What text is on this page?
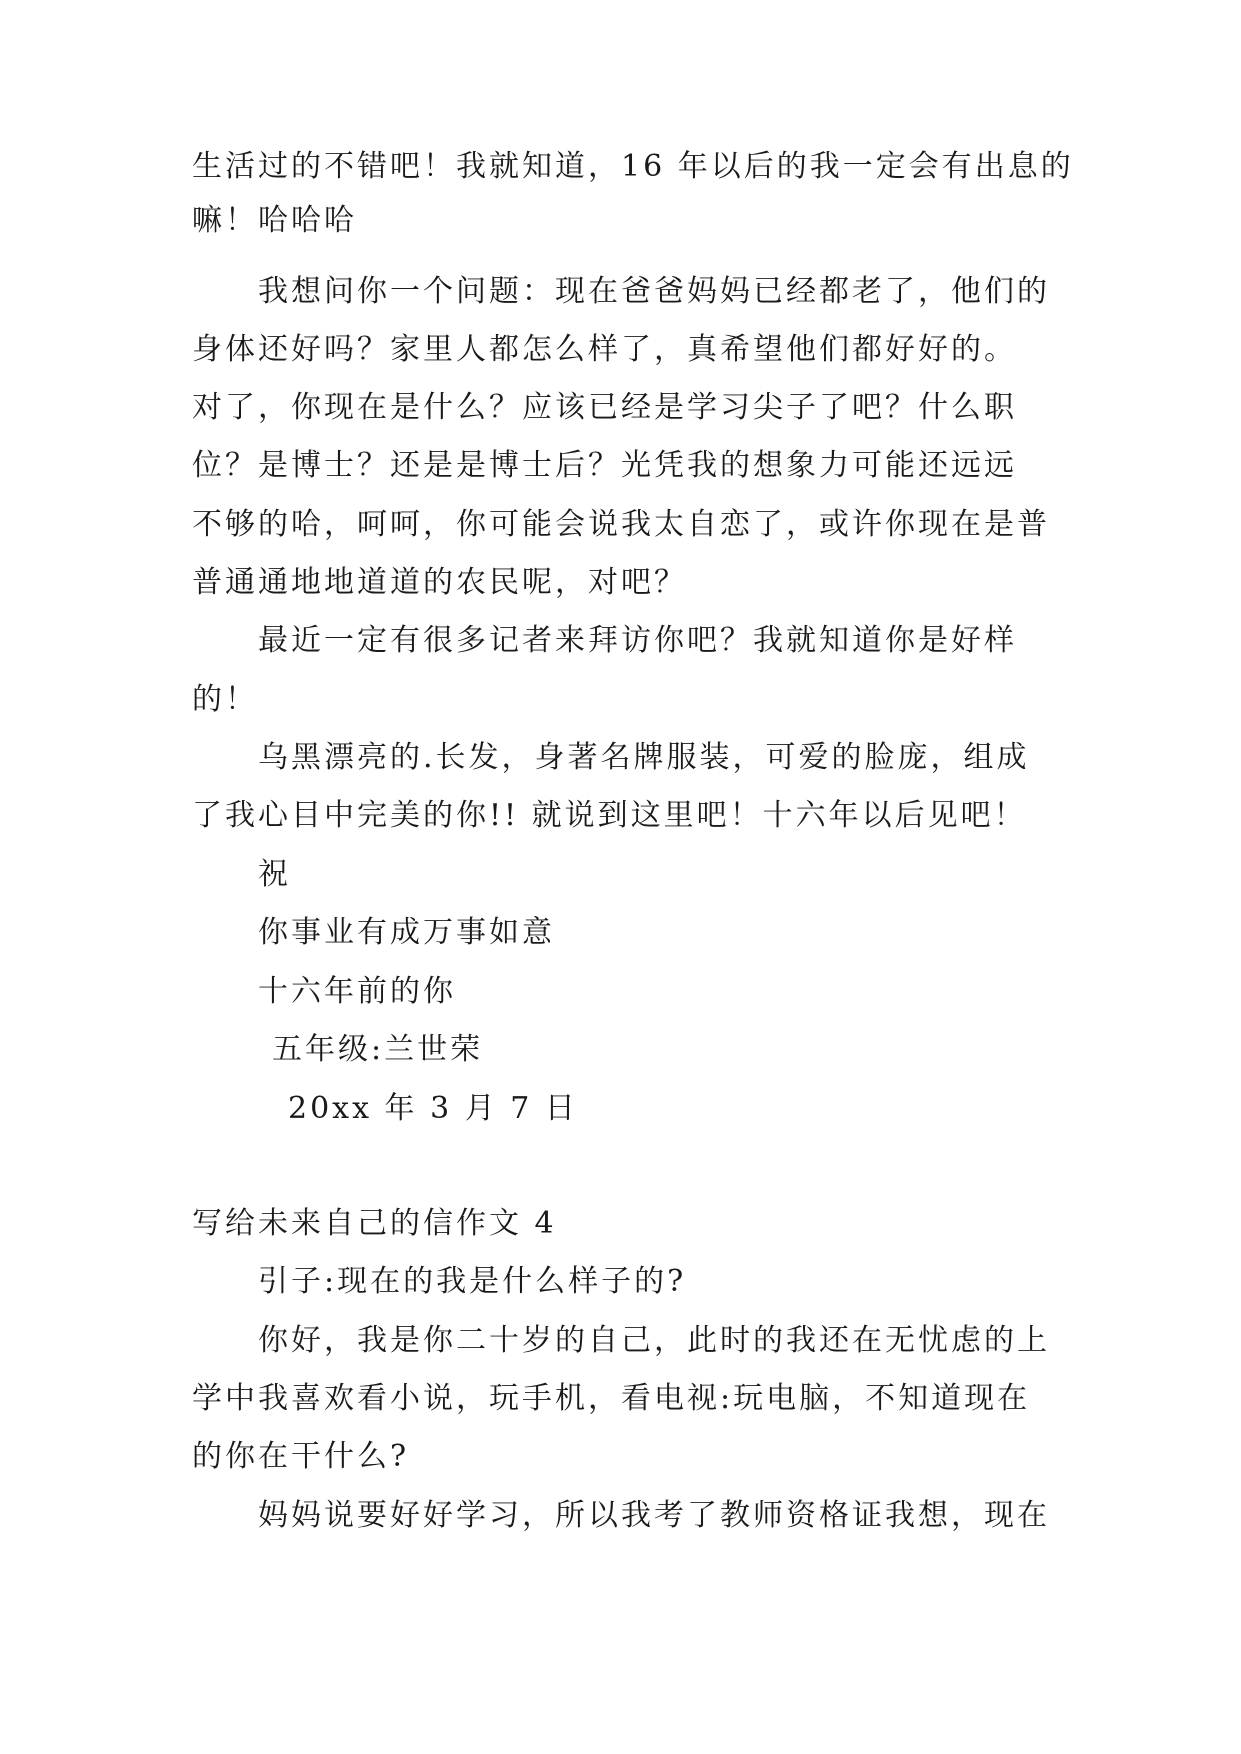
生活过的不错吧！我就知道，16 年以后的我一定会有出息的
嘛！哈哈哈
我想问你一个问题：现在爸爸妈妈已经都老了，他们的
身体还好吗？家里人都怎么样了，真希望他们都好好的。
对了，你现在是什么？应该已经是学习尖子了吧？什么职
位？是博士？还是是博士后？光凭我的想象力可能还远远
不够的哈，呵呵，你可能会说我太自恋了，或许你现在是普
普通通地地道道的农民呢，对吧？
最近一定有很多记者来拜访你吧？我就知道你是好样
的！
乌黑漂亮的.长发，身著名牌服装，可爱的脸庞，组成
了我心目中完美的你!! 就说到这里吧！十六年以后见吧！
祝
你事业有成万事如意
十六年前的你
五年级:兰世荣
20xx 年 3 月 7 日
写给未来自己的信作文 4
引子:现在的我是什么样子的?
你好，我是你二十岁的自己，此时的我还在无忧虑的上
学中我喜欢看小说，玩手机，看电视:玩电脑，不知道现在
的你在干什么?
妈妈说要好好学习，所以我考了教师资格证我想，现在
